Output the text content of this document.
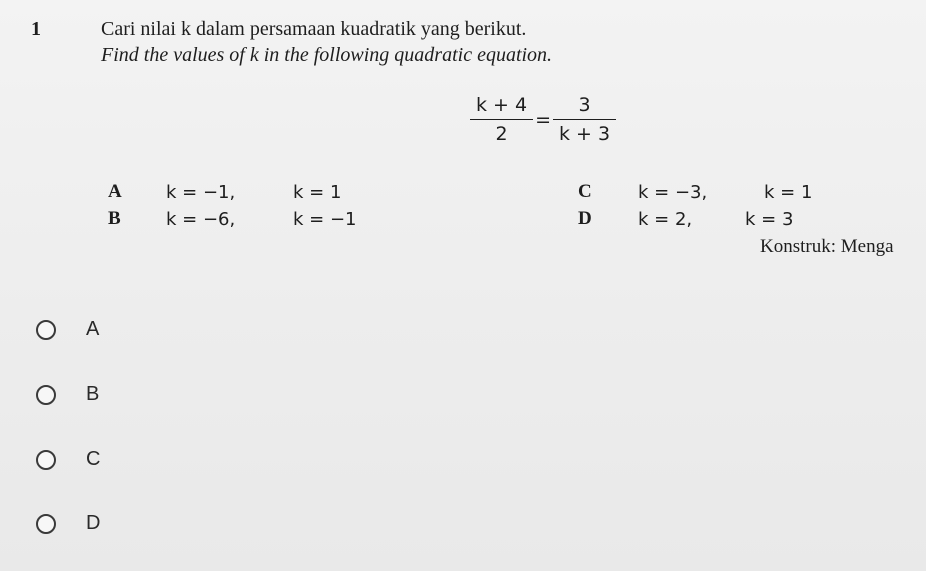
1	Cari nilai k dalam persamaan kuadratik yang berikut.
Find the values of k in the following quadratic equation.
$\frac{k + 4}{2} = \frac{3}{k + 3}$
A k = −1,	k = 1
B	k = −6,	k = −1
C	k = −3,	k = 1
D	k = 2,	k = 3
Konstruk: Menga
A
B
C
D
